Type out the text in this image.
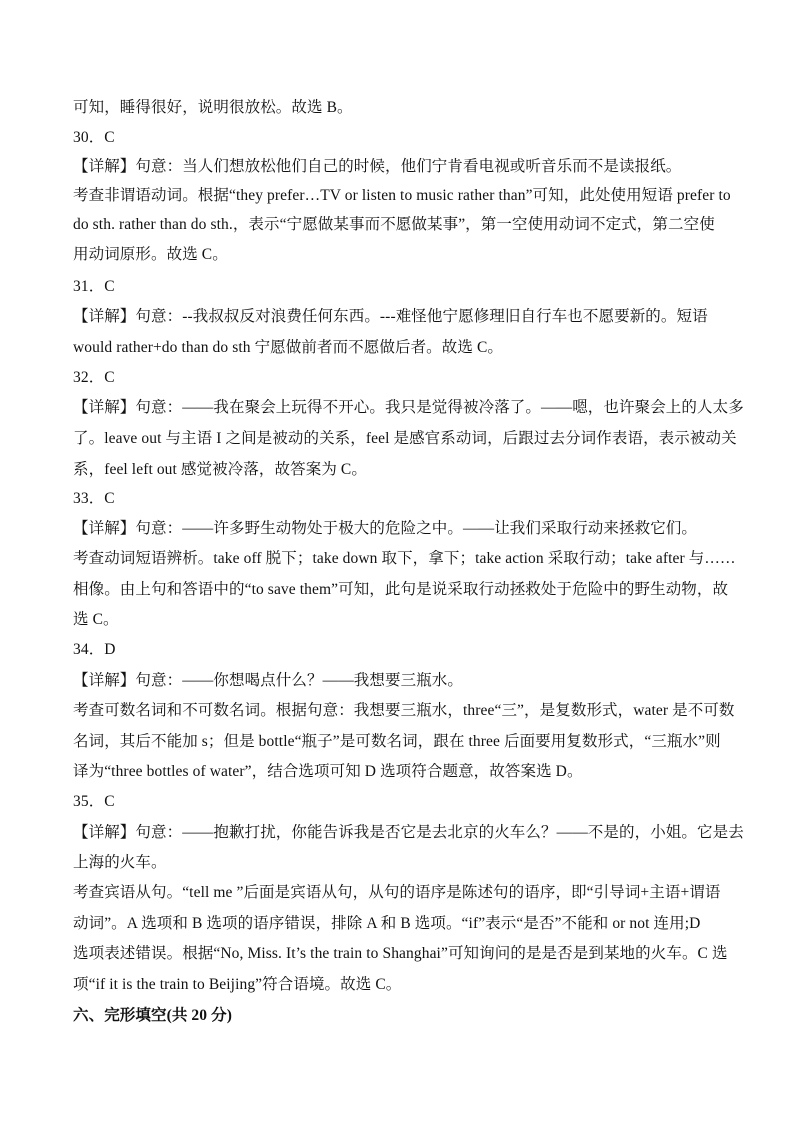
可知，睡得很好，说明很放松。故选 B。
30．C
【详解】句意：当人们想放松他们自己的时候，他们宁肯看电视或听音乐而不是读报纸。
考查非谓语动词。根据“they prefer…TV or listen to music rather than”可知，此处使用短语 prefer to
do sth. rather than do sth.，表示“宁愿做某事而不愿做某事”，第一空使用动词不定式，第二空使
用动词原形。故选 C。
31．C
【详解】句意：--我叔叔反对浪费任何东西。---难怪他宁愿修理旧自行车也不愿要新的。短语
would rather+do than do sth 宁愿做前者而不愿做后者。故选 C。
32．C
【详解】句意：——我在聚会上玩得不开心。我只是觉得被冷落了。——嗯，也许聚会上的人太多
了。leave out 与主语 I 之间是被动的关系，feel 是感官系动词，后跟过去分词作表语，表示被动关
系，feel left out 感觉被冷落，故答案为 C。
33．C
【详解】句意：——许多野生动物处于极大的危险之中。——让我们采取行动来拯救它们。
考查动词短语辨析。take off 脱下；take down 取下，拿下；take action 采取行动；take after 与……
相像。由上句和答语中的“to save them”可知，此句是说采取行动拯救处于危险中的野生动物，故
选 C。
34．D
【详解】句意：——你想喝点什么？——我想要三瓶水。
考查可数名词和不可数名词。根据句意：我想要三瓶水，three“三”，是复数形式，water 是不可数
名词，其后不能加 s；但是 bottle“瓶子”是可数名词，跟在 three 后面要用复数形式，“三瓶水”则
译为“three bottles of water”，结合选项可知 D 选项符合题意，故答案选 D。
35．C
【详解】句意：——抱歉打扰，你能告诉我是否它是去北京的火车么？——不是的，小姐。它是去
上海的火车。
考查宾语从句。“tell me ”后面是宾语从句，从句的语序是陈述句的语序，即“引导词+主语+谓语
动词”。A 选项和 B 选项的语序错误，排除 A 和 B 选项。“if”表示“是否”不能和 or not 连用;D
选项表述错误。根据“No, Miss. It’s the train to Shanghai”可知询问的是是否是到某地的火车。C 选
项“if it is the train to Beijing”符合语境。故选 C。
六、完形填空(共 20 分)
